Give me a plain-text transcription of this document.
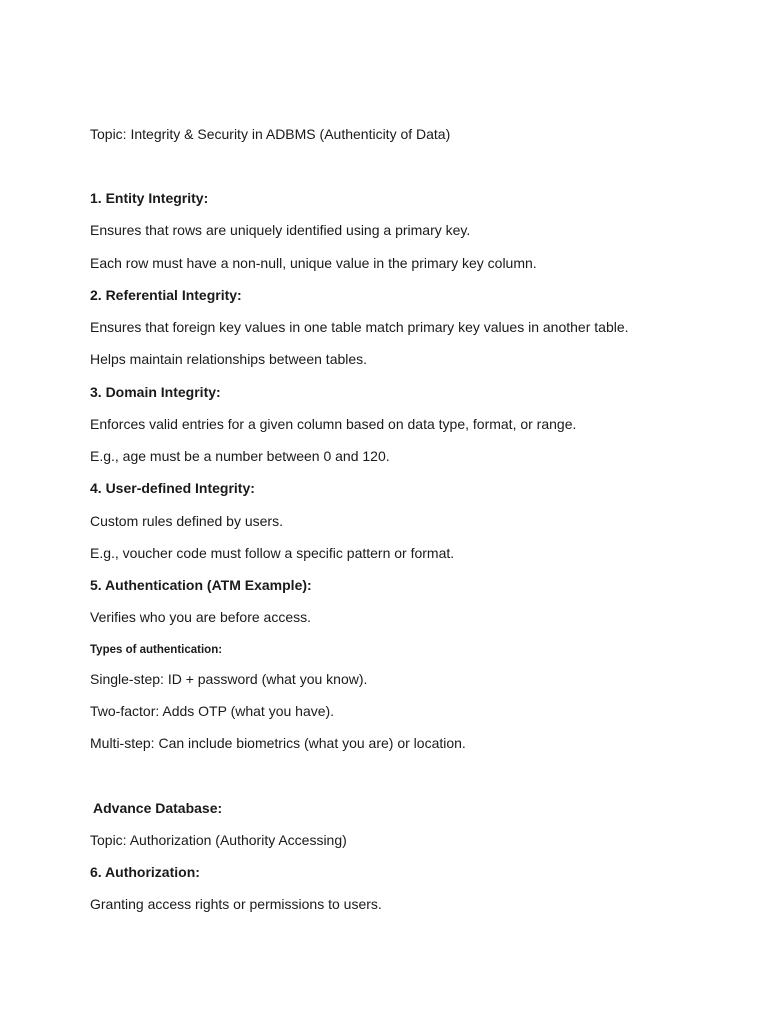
Topic: Integrity & Security in ADBMS (Authenticity of Data)
1. Entity Integrity:
Ensures that rows are uniquely identified using a primary key.
Each row must have a non-null, unique value in the primary key column.
2. Referential Integrity:
Ensures that foreign key values in one table match primary key values in another table.
Helps maintain relationships between tables.
3. Domain Integrity:
Enforces valid entries for a given column based on data type, format, or range.
E.g., age must be a number between 0 and 120.
4. User-defined Integrity:
Custom rules defined by users.
E.g., voucher code must follow a specific pattern or format.
5. Authentication (ATM Example):
Verifies who you are before access.
Types of authentication:
Single-step: ID + password (what you know).
Two-factor: Adds OTP (what you have).
Multi-step: Can include biometrics (what you are) or location.
Advance Database:
Topic: Authorization (Authority Accessing)
6. Authorization:
Granting access rights or permissions to users.
